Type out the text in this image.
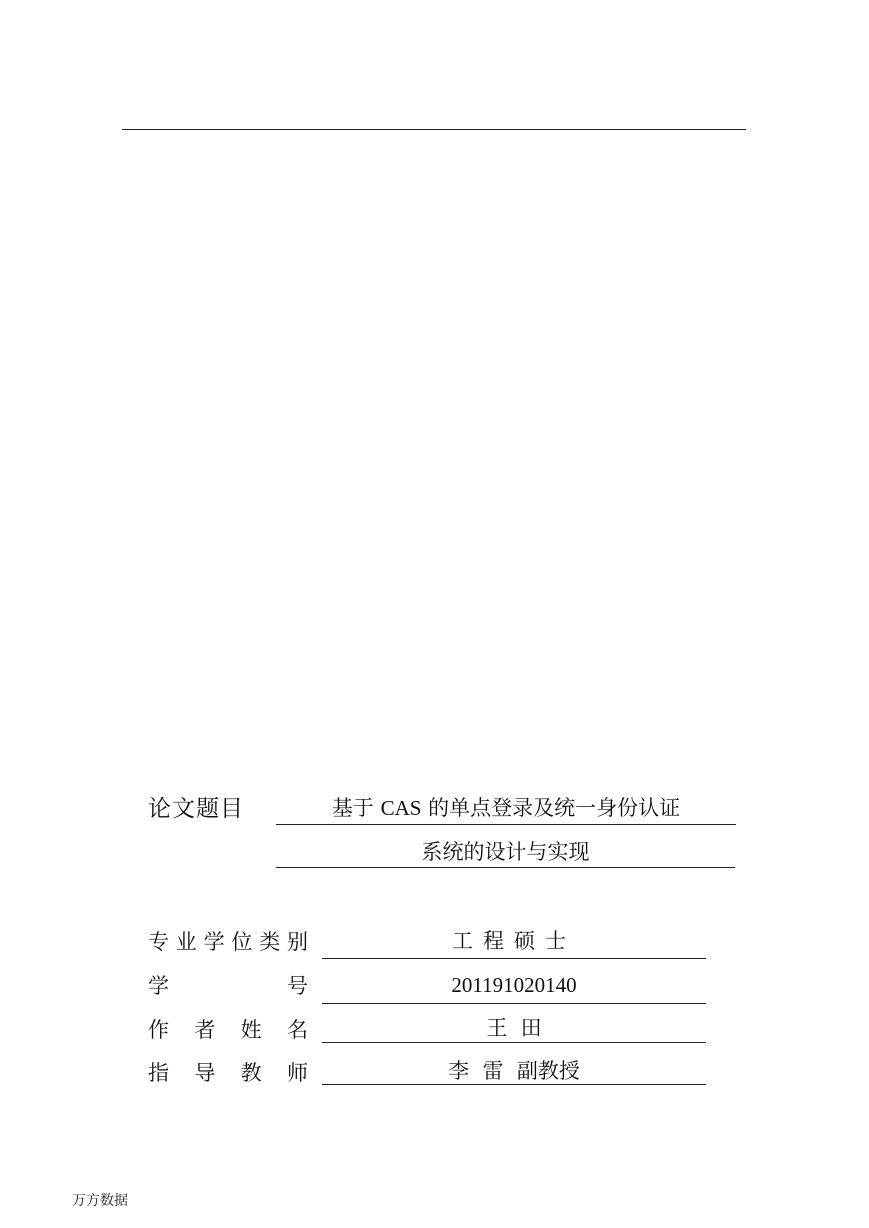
论文题目	基于 CAS 的单点登录及统一身份认证
系统的设计与实现
专 业 学 位 类 别	工程硕士
学	号	201191020140
作 者 姓 名	王  田
指 导 教 师	李  雷  副教授
万方数据
